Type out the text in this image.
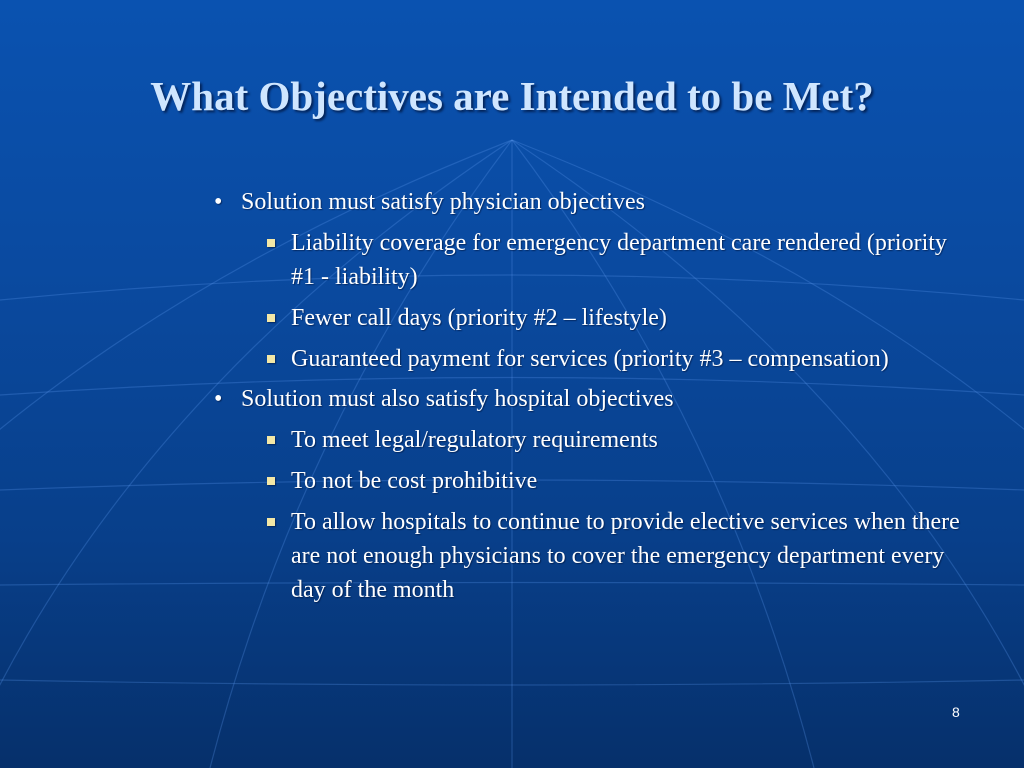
What Objectives are Intended to be Met?
• Solution must satisfy physician objectives
Liability coverage for emergency department care rendered (priority #1 - liability)
Fewer call days (priority #2 – lifestyle)
Guaranteed payment for services (priority #3 – compensation)
• Solution must also satisfy hospital objectives
To meet legal/regulatory requirements
To not be cost prohibitive
To allow hospitals to continue to provide elective services when there are not enough physicians to cover the emergency department every day of the month
8
